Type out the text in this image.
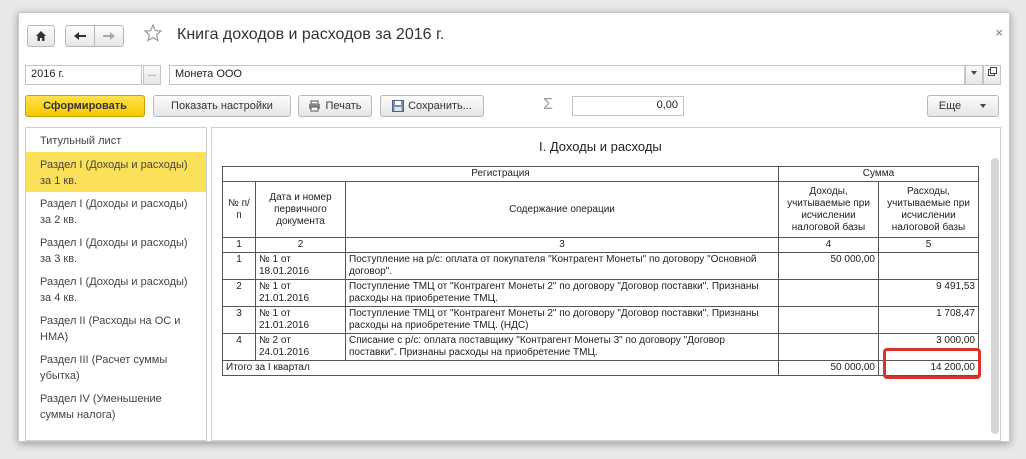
Книга доходов и расходов за 2016 г.	×
2016 г.	...	Монета ООО
Сформировать	Показать настройки	Печать	Сохранить...	Σ	0,00	Еще
Титульный лист
Раздел I (Доходы и расходы) за 1 кв.
Раздел I (Доходы и расходы) за 2 кв.
Раздел I (Доходы и расходы) за 3 кв.
Раздел I (Доходы и расходы) за 4 кв.
Раздел II (Расходы на ОС и НМА)
Раздел III (Расчет суммы убытка)
Раздел IV (Уменьшение суммы налога)
I. Доходы и расходы
Регистрация			Сумма	
№ п/п	Дата и номер первичного документа	Содержание операции	Доходы, учитываемые при исчислении налоговой базы	Расходы, учитываемые при исчислении налоговой базы
1	2	3	4	5
1	№ 1 от 18.01.2016	Поступление на р/с: оплата от покупателя "Контрагент Монеты" по договору "Основной договор".	50 000,00	
2	№ 1 от 21.01.2016	Поступление ТМЦ от "Контрагент Монеты 2" по договору "Договор поставки". Признаны расходы на приобретение ТМЦ.		9 491,53
3	№ 1 от 21.01.2016	Поступление ТМЦ от "Контрагент Монеты 2" по договору "Договор поставки". Признаны расходы на приобретение ТМЦ. (НДС)		1 708,47
4	№ 2 от 24.01.2016	Списание с р/с: оплата поставщику "Контрагент Монеты 3" по договору "Договор поставки". Признаны расходы на приобретение ТМЦ.		3 000,00
Итого за I квартал			50 000,00	14 200,00
